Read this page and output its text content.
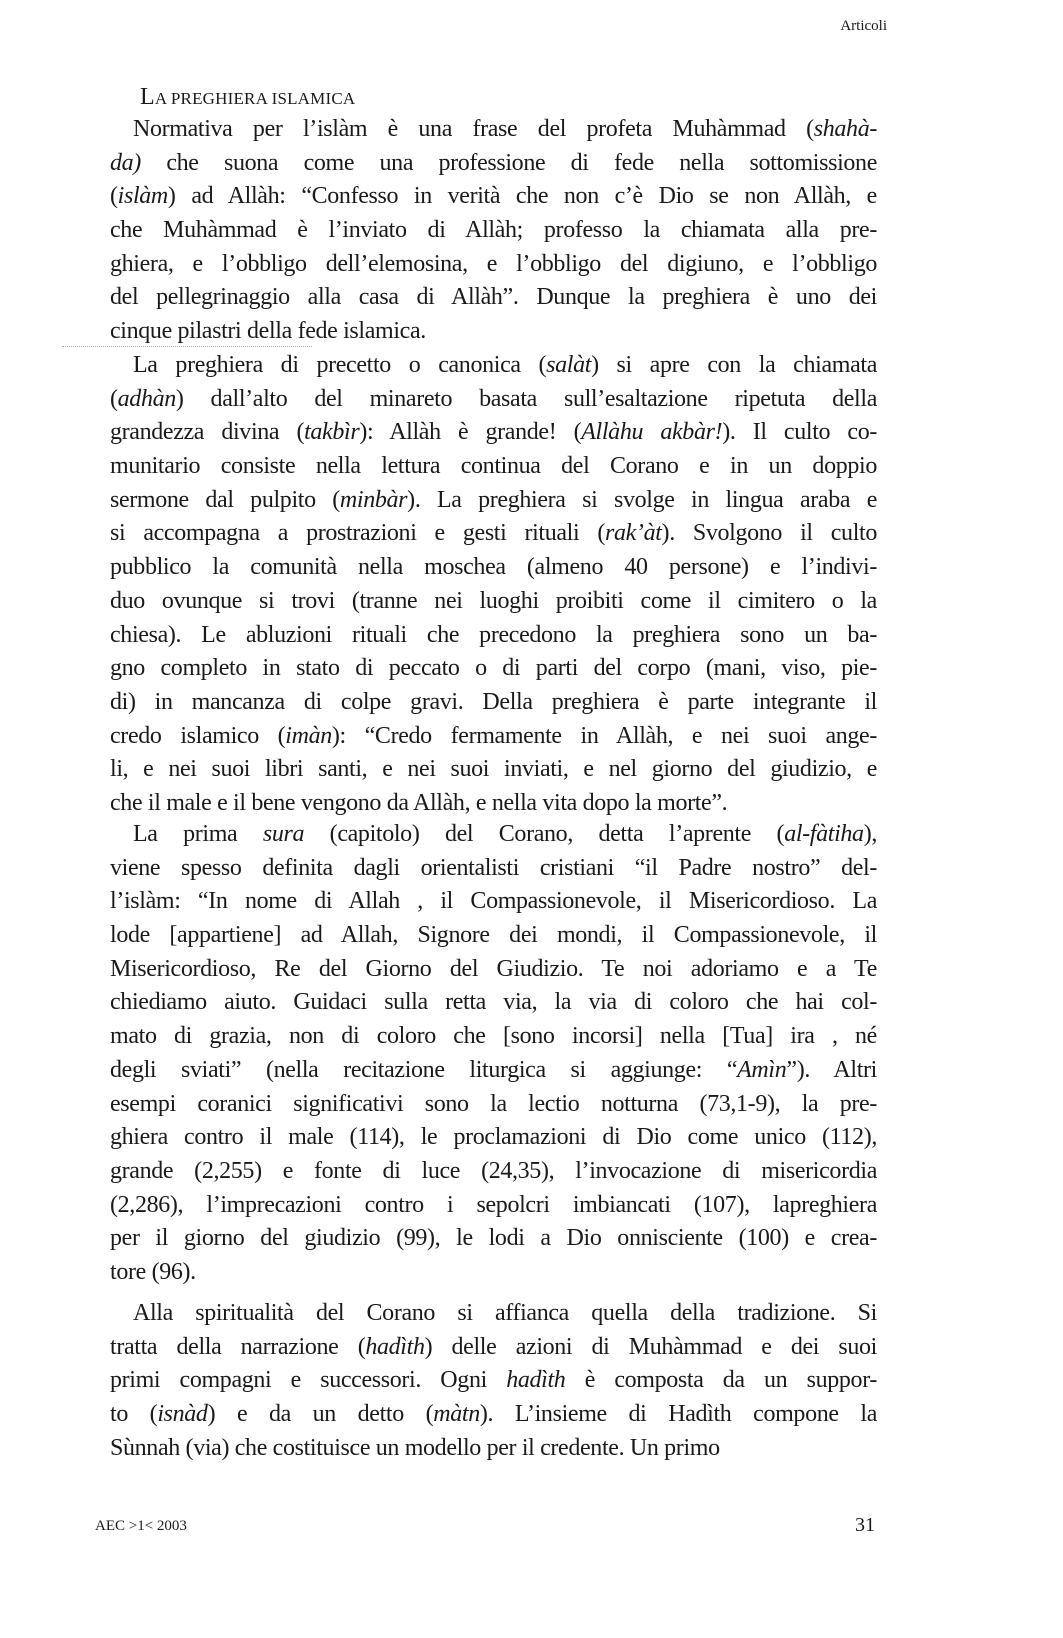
Articoli
LA PREGHIERA ISLAMICA
Normativa per l’islàm è una frase del profeta Muhàmmad (shahà-
da) che suona come una professione di fede nella sottomissione
(islàm) ad Allàh: “Confesso in verità che non c’è Dio se non Allàh, e
che Muhàmmad è l’inviato di Allàh; professo la chiamata alla pre-
ghiera, e l’obbligo dell’elemosina, e l’obbligo del digiuno, e l’obbligo
del pellegrinaggio alla casa di Allàh”. Dunque la preghiera è uno dei
cinque pilastri della fede islamica.
La preghiera di precetto o canonica (salàt) si apre con la chiamata
(adhàn) dall’alto del minareto basata sull’esaltazione ripetuta della
grandezza divina (takbìr): Allàh è grande! (Allàhu akbàr!). Il culto co-
munitario consiste nella lettura continua del Corano e in un doppio
sermone dal pulpito (minbàr). La preghiera si svolge in lingua araba e
si accompagna a prostrazioni e gesti rituali (rak’àt). Svolgono il culto
pubblico la comunità nella moschea (almeno 40 persone) e l’indivi-
duo ovunque si trovi (tranne nei luoghi proibiti come il cimitero o la
chiesa). Le abluzioni rituali che precedono la preghiera sono un ba-
gno completo in stato di peccato o di parti del corpo (mani, viso, pie-
di) in mancanza di colpe gravi. Della preghiera è parte integrante il
credo islamico (imàn): “Credo fermamente in Allàh, e nei suoi ange-
li, e nei suoi libri santi, e nei suoi inviati, e nel giorno del giudizio, e
che il male e il bene vengono da Allàh, e nella vita dopo la morte”.
La prima sura (capitolo) del Corano, detta l’aprente (al-fàtiha),
viene spesso definita dagli orientalisti cristiani “il Padre nostro” del-
l’islàm: “In nome di Allah , il Compassionevole, il Misericordioso. La
lode [appartiene] ad Allah, Signore dei mondi, il Compassionevole, il
Misericordioso, Re del Giorno del Giudizio. Te noi adoriamo e a Te
chiediamo aiuto. Guidaci sulla retta via, la via di coloro che hai col-
mato di grazia, non di coloro che [sono incorsi] nella [Tua] ira , né
degli sviati” (nella recitazione liturgica si aggiunge: “Amìn”). Altri
esempi coranici significativi sono la lectio notturna (73,1-9), la pre-
ghiera contro il male (114), le proclamazioni di Dio come unico (112),
grande (2,255) e fonte di luce (24,35), l’invocazione di misericordia
(2,286), l’imprecazioni contro i sepolcri imbiancati (107), lapreghiera
per il giorno del giudizio (99), le lodi a Dio onnisciente (100) e crea-
tore (96).
Alla spiritualità del Corano si affianca quella della tradizione. Si
tratta della narrazione (hadìth) delle azioni di Muhàmmad e dei suoi
primi compagni e successori. Ogni hadìth è composta da un suppor-
to (isnàd) e da un detto (màtn). L’insieme di Hadìth compone la
Sùnnah (via) che costituisce un modello per il credente. Un primo
AEC >1< 2003	31
